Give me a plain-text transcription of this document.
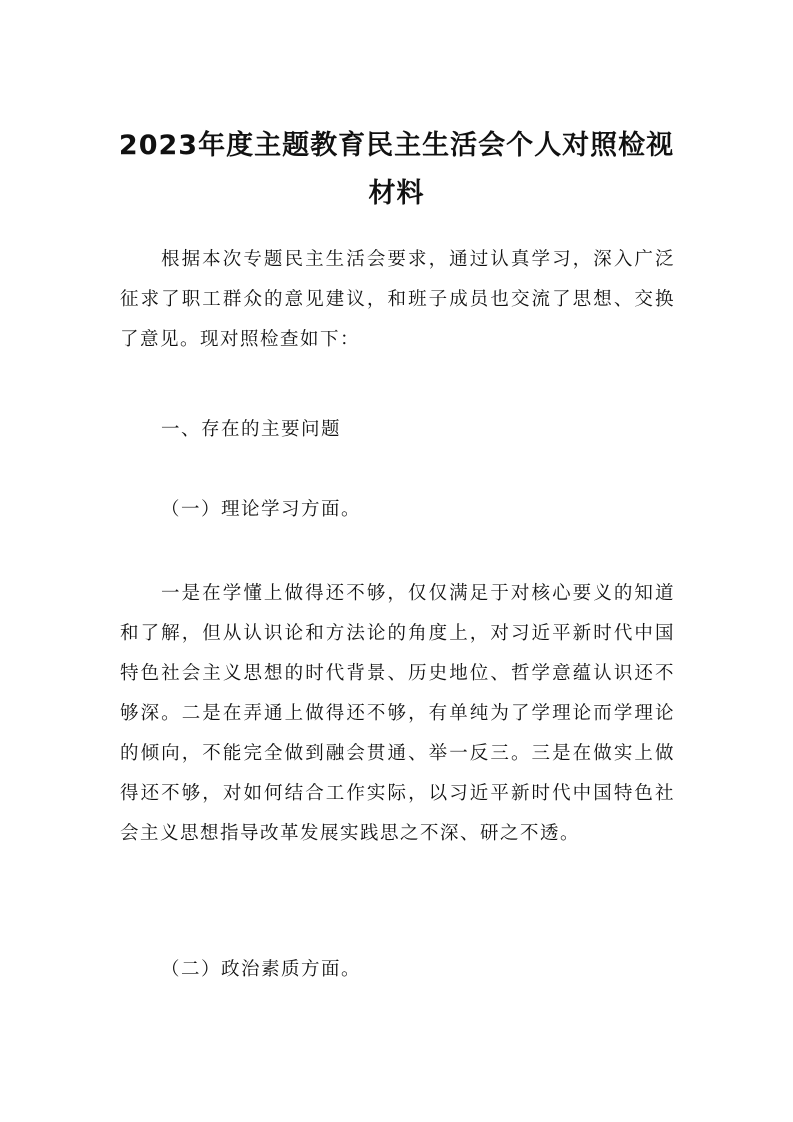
2023年度主题教育民主生活会个人对照检视材料

根据本次专题民主生活会要求，通过认真学习，深入广泛征求了职工群众的意见建议，和班子成员也交流了思想、交换了意见。现对照检查如下：

一、存在的主要问题

（一）理论学习方面。

一是在学懂上做得还不够，仅仅满足于对核心要义的知道和了解，但从认识论和方法论的角度上，对习近平新时代中国特色社会主义思想的时代背景、历史地位、哲学意蕴认识还不够深。二是在弄通上做得还不够，有单纯为了学理论而学理论的倾向，不能完全做到融会贯通、举一反三。三是在做实上做得还不够，对如何结合工作实际，以习近平新时代中国特色社会主义思想指导改革发展实践思之不深、研之不透。

（二）政治素质方面。
